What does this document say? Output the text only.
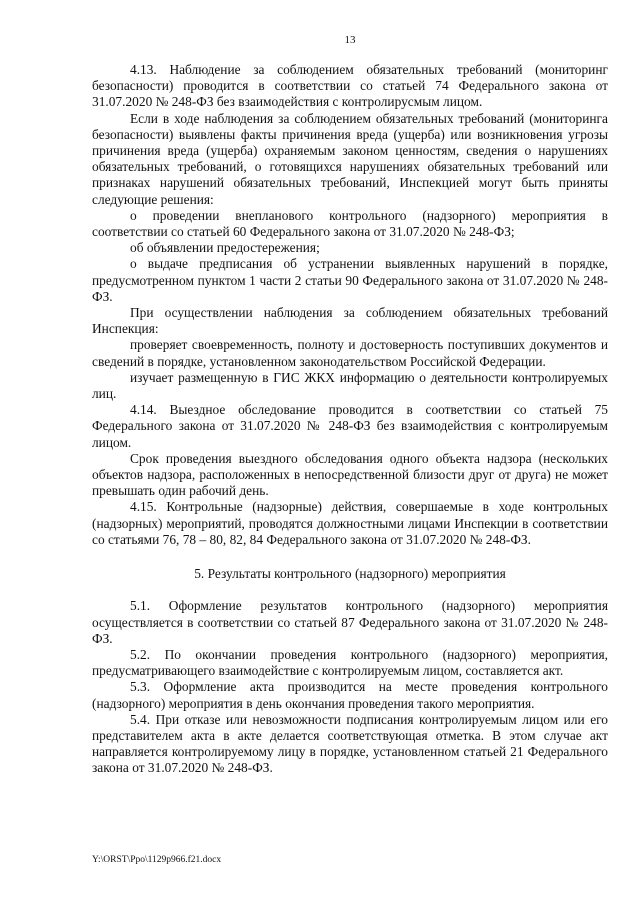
13

4.13. Наблюдение за соблюдением обязательных требований (мониторинг безопасности) проводится в соответствии со статьей 74 Федерального закона от 31.07.2020 № 248-ФЗ без взаимодействия с контролирусмым лицом.

Если в ходе наблюдения за соблюдением обязательных требований (мониторинга безопасности) выявлены факты причинения вреда (ущерба) или возникновения угрозы причинения вреда (ущерба) охраняемым законом ценностям, сведения о нарушениях обязательных требований, о готовящихся нарушениях обязательных требований или признаках нарушений обязательных требований, Инспекцией могут быть приняты следующие решения:

о проведении внепланового контрольного (надзорного) мероприятия в соответствии со статьей 60 Федерального закона от 31.07.2020 № 248-ФЗ;

об объявлении предостережения;

о выдаче предписания об устранении выявленных нарушений в порядке, предусмотренном пунктом 1 части 2 статьи 90 Федерального закона от 31.07.2020 № 248-ФЗ.

При осуществлении наблюдения за соблюдением обязательных требований Инспекция:

проверяет своевременность, полноту и достоверность поступивших документов и сведений в порядке, установленном законодательством Российской Федерации.

изучает размещенную в ГИС ЖКХ информацию о деятельности контролируемых лиц.

4.14. Выездное обследование проводится в соответствии со статьей 75 Федерального закона от 31.07.2020 № 248-ФЗ без взаимодействия с контролируемым лицом.

Срок проведения выездного обследования одного объекта надзора (нескольких объектов надзора, расположенных в непосредственной близости друг от друга) не может превышать один рабочий день.

4.15. Контрольные (надзорные) действия, совершаемые в ходе контрольных (надзорных) мероприятий, проводятся должностными лицами Инспекции в соответствии со статьями 76, 78 – 80, 82, 84 Федерального закона от 31.07.2020 № 248-ФЗ.

5. Результаты контрольного (надзорного) мероприятия

5.1. Оформление результатов контрольного (надзорного) мероприятия осуществляется в соответствии со статьей 87 Федерального закона от 31.07.2020 № 248-ФЗ.

5.2. По окончании проведения контрольного (надзорного) мероприятия, предусматривающего взаимодействие с контролируемым лицом, составляется акт.

5.3. Оформление акта производится на месте проведения контрольного (надзорного) мероприятия в день окончания проведения такого мероприятия.

5.4. При отказе или невозможности подписания контролируемым лицом или его представителем акта в акте делается соответствующая отметка. В этом случае акт направляется контролируемому лицу в порядке, установленном статьей 21 Федерального закона от 31.07.2020 № 248-ФЗ.

Y:\ORST\Ppo\1129p966.f21.docx
